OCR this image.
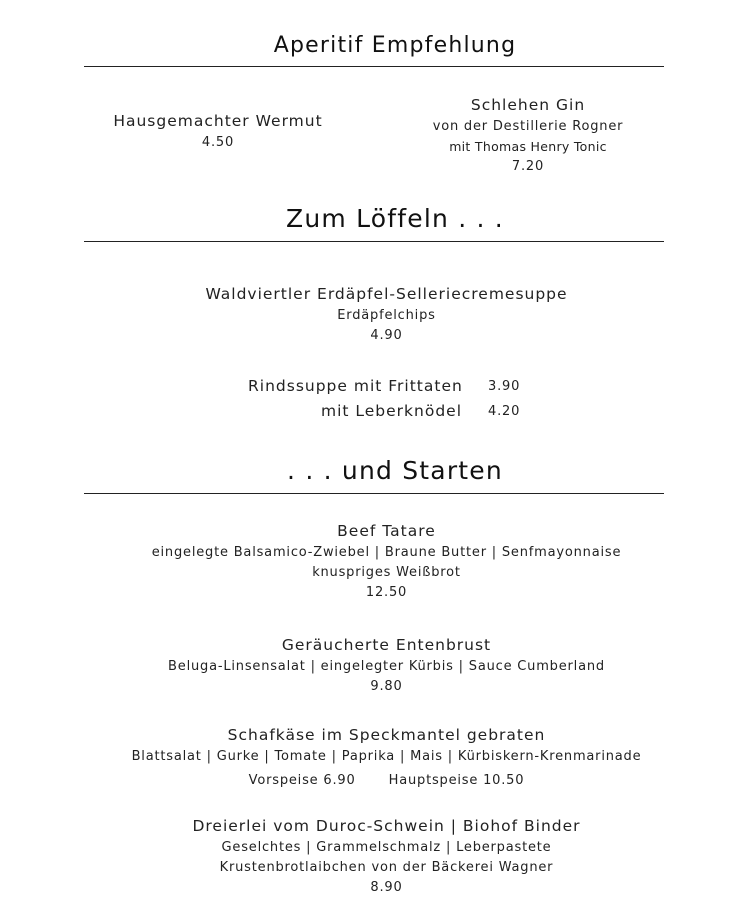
Aperitif Empfehlung
Hausgemachter Wermut
4.50
Schlehen Gin
von der Destillerie Rogner
mit Thomas Henry Tonic
7.20
Zum Löffeln . . .
Waldviertler Erdäpfel-Selleriecremesuppe
Erdäpfelchips
4.90
Rindssuppe mit Frittaten 3.90
mit Leberknödel 4.20
. . . und Starten
Beef Tatare
eingelegte Balsamico-Zwiebel | Braune Butter | Senfmayonnaise
knuspriges Weißbrot
12.50
Geräucherte Entenbrust
Beluga-Linsensalat | eingelegter Kürbis | Sauce Cumberland
9.80
Schafkäse im Speckmantel gebraten
Blattsalat | Gurke | Tomate | Paprika | Mais | Kürbiskern-Krenmarinade
Vorspeise 6.90	Hauptspeise 10.50
Dreierlei vom Duroc-Schwein | Biohof Binder
Geselchtes | Grammelschmalz | Leberpastete
Krustenbrotlaibchen von der Bäckerei Wagner
8.90
